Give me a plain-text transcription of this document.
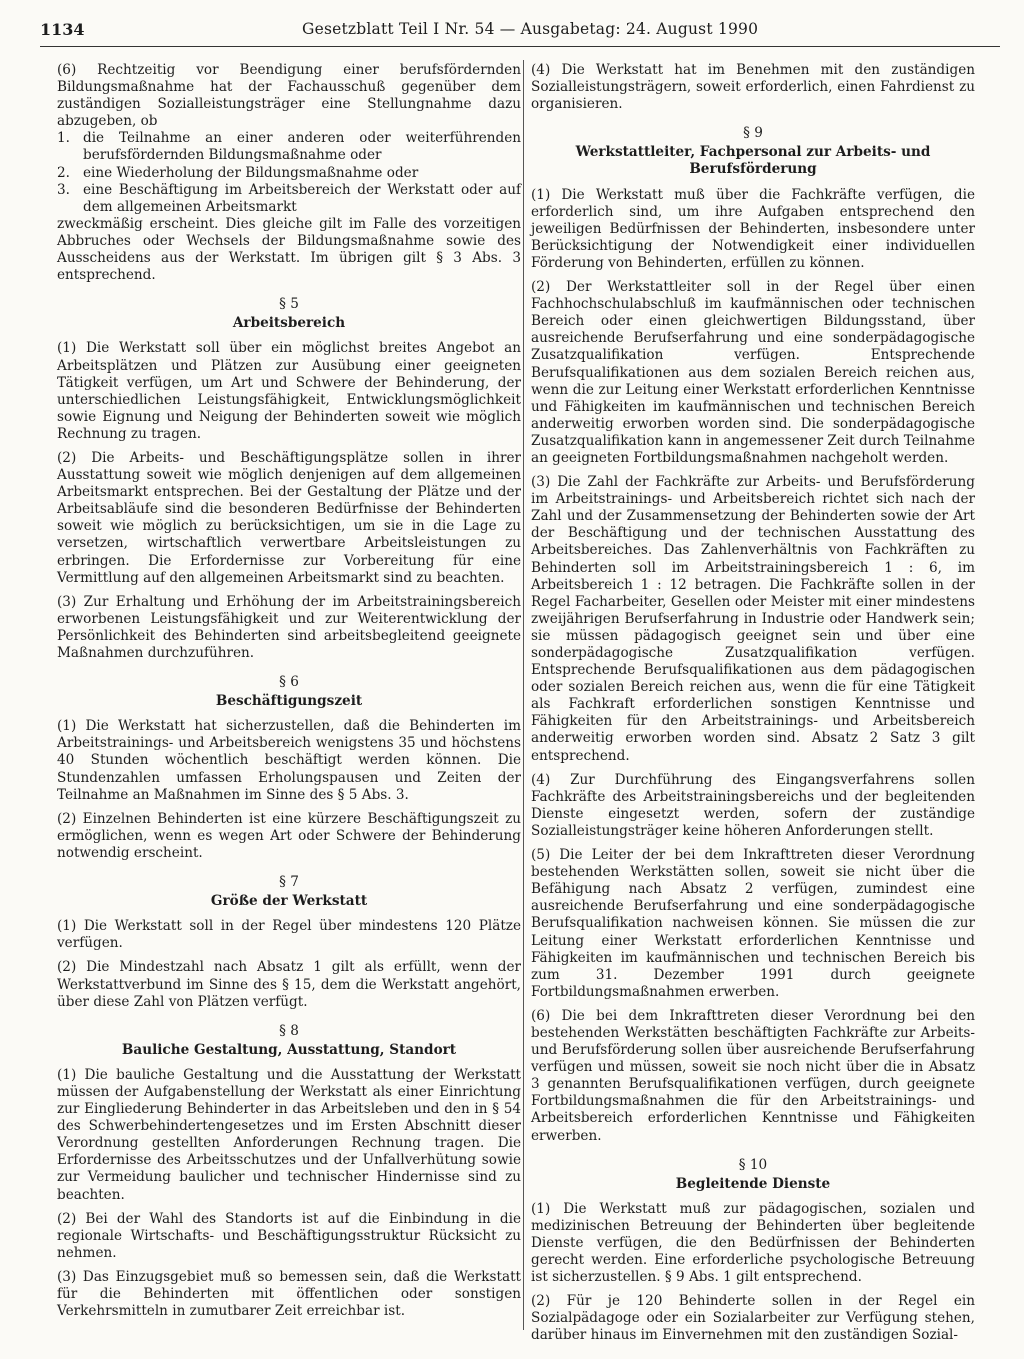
1134	Gesetzblatt Teil I Nr. 54 — Ausgabetag: 24. August 1990

(6) Rechtzeitig vor Beendigung einer berufsfördernden Bildungsmaßnahme hat der Fachausschuß gegenüber dem zuständigen Sozialleistungsträger eine Stellungnahme dazu abzugeben, ob

1. die Teilnahme an einer anderen oder weiterführenden berufsfördernden Bildungsmaßnahme oder
2. eine Wiederholung der Bildungsmaßnahme oder
3. eine Beschäftigung im Arbeitsbereich der Werkstatt oder auf dem allgemeinen Arbeitsmarkt

zweckmäßig erscheint. Dies gleiche gilt im Falle des vorzeitigen Abbruches oder Wechsels der Bildungsmaßnahme sowie des Ausscheidens aus der Werkstatt. Im übrigen gilt § 3 Abs. 3 entsprechend.

§ 5
Arbeitsbereich

(1) Die Werkstatt soll über ein möglichst breites Angebot an Arbeitsplätzen und Plätzen zur Ausübung einer geeigneten Tätigkeit verfügen, um Art und Schwere der Behinderung, der unterschiedlichen Leistungsfähigkeit, Entwicklungsmöglichkeit sowie Eignung und Neigung der Behinderten soweit wie möglich Rechnung zu tragen.

(2) Die Arbeits- und Beschäftigungsplätze sollen in ihrer Ausstattung soweit wie möglich denjenigen auf dem allgemeinen Arbeitsmarkt entsprechen. Bei der Gestaltung der Plätze und der Arbeitsabläufe sind die besonderen Bedürfnisse der Behinderten soweit wie möglich zu berücksichtigen, um sie in die Lage zu versetzen, wirtschaftlich verwertbare Arbeitsleistungen zu erbringen. Die Erfordernisse zur Vorbereitung für eine Vermittlung auf den allgemeinen Arbeitsmarkt sind zu beachten.

(3) Zur Erhaltung und Erhöhung der im Arbeitstrainingsbereich erworbenen Leistungsfähigkeit und zur Weiterentwicklung der Persönlichkeit des Behinderten sind arbeitsbegleitend geeignete Maßnahmen durchzuführen.

§ 6
Beschäftigungszeit

(1) Die Werkstatt hat sicherzustellen, daß die Behinderten im Arbeitstrainings- und Arbeitsbereich wenigstens 35 und höchstens 40 Stunden wöchentlich beschäftigt werden können. Die Stundenzahlen umfassen Erholungspausen und Zeiten der Teilnahme an Maßnahmen im Sinne des § 5 Abs. 3.

(2) Einzelnen Behinderten ist eine kürzere Beschäftigungszeit zu ermöglichen, wenn es wegen Art oder Schwere der Behinderung notwendig erscheint.

§ 7
Größe der Werkstatt

(1) Die Werkstatt soll in der Regel über mindestens 120 Plätze verfügen.

(2) Die Mindestzahl nach Absatz 1 gilt als erfüllt, wenn der Werkstattverbund im Sinne des § 15, dem die Werkstatt angehört, über diese Zahl von Plätzen verfügt.

§ 8
Bauliche Gestaltung, Ausstattung, Standort

(1) Die bauliche Gestaltung und die Ausstattung der Werkstatt müssen der Aufgabenstellung der Werkstatt als einer Einrichtung zur Eingliederung Behinderter in das Arbeitsleben und den in § 54 des Schwerbehindertengesetzes und im Ersten Abschnitt dieser Verordnung gestellten Anforderungen Rechnung tragen. Die Erfordernisse des Arbeitsschutzes und der Unfallverhütung sowie zur Vermeidung baulicher und technischer Hindernisse sind zu beachten.

(2) Bei der Wahl des Standorts ist auf die Einbindung in die regionale Wirtschafts- und Beschäftigungsstruktur Rücksicht zu nehmen.

(3) Das Einzugsgebiet muß so bemessen sein, daß die Werkstatt für die Behinderten mit öffentlichen oder sonstigen Verkehrsmitteln in zumutbarer Zeit erreichbar ist.

(4) Die Werkstatt hat im Benehmen mit den zuständigen Sozialleistungsträgern, soweit erforderlich, einen Fahrdienst zu organisieren.

§ 9
Werkstattleiter, Fachpersonal zur Arbeits- und Berufsförderung

(1) Die Werkstatt muß über die Fachkräfte verfügen, die erforderlich sind, um ihre Aufgaben entsprechend den jeweiligen Bedürfnissen der Behinderten, insbesondere unter Berücksichtigung der Notwendigkeit einer individuellen Förderung von Behinderten, erfüllen zu können.

(2) Der Werkstattleiter soll in der Regel über einen Fachhochschulabschluß im kaufmännischen oder technischen Bereich oder einen gleichwertigen Bildungsstand, über ausreichende Berufserfahrung und eine sonderpädagogische Zusatzqualifikation verfügen. Entsprechende Berufsqualifikationen aus dem sozialen Bereich reichen aus, wenn die zur Leitung einer Werkstatt erforderlichen Kenntnisse und Fähigkeiten im kaufmännischen und technischen Bereich anderweitig erworben worden sind. Die sonderpädagogische Zusatzqualifikation kann in angemessener Zeit durch Teilnahme an geeigneten Fortbildungsmaßnahmen nachgeholt werden.

(3) Die Zahl der Fachkräfte zur Arbeits- und Berufsförderung im Arbeitstrainings- und Arbeitsbereich richtet sich nach der Zahl und der Zusammensetzung der Behinderten sowie der Art der Beschäftigung und der technischen Ausstattung des Arbeitsbereiches. Das Zahlenverhältnis von Fachkräften zu Behinderten soll im Arbeitstrainingsbereich 1 : 6, im Arbeitsbereich 1 : 12 betragen. Die Fachkräfte sollen in der Regel Facharbeiter, Gesellen oder Meister mit einer mindestens zweijährigen Berufserfahrung in Industrie oder Handwerk sein; sie müssen pädagogisch geeignet sein und über eine sonderpädagogische Zusatzqualifikation verfügen. Entsprechende Berufsqualifikationen aus dem pädagogischen oder sozialen Bereich reichen aus, wenn die für eine Tätigkeit als Fachkraft erforderlichen sonstigen Kenntnisse und Fähigkeiten für den Arbeitstrainings- und Arbeitsbereich anderweitig erworben worden sind. Absatz 2 Satz 3 gilt entsprechend.

(4) Zur Durchführung des Eingangsverfahrens sollen Fachkräfte des Arbeitstrainingsbereichs und der begleitenden Dienste eingesetzt werden, sofern der zuständige Sozialleistungsträger keine höheren Anforderungen stellt.

(5) Die Leiter der bei dem Inkrafttreten dieser Verordnung bestehenden Werkstätten sollen, soweit sie nicht über die Befähigung nach Absatz 2 verfügen, zumindest eine ausreichende Berufserfahrung und eine sonderpädagogische Berufsqualifikation nachweisen können. Sie müssen die zur Leitung einer Werkstatt erforderlichen Kenntnisse und Fähigkeiten im kaufmännischen und technischen Bereich bis zum 31. Dezember 1991 durch geeignete Fortbildungsmaßnahmen erwerben.

(6) Die bei dem Inkrafttreten dieser Verordnung bei den bestehenden Werkstätten beschäftigten Fachkräfte zur Arbeits- und Berufsförderung sollen über ausreichende Berufserfahrung verfügen und müssen, soweit sie noch nicht über die in Absatz 3 genannten Berufsqualifikationen verfügen, durch geeignete Fortbildungsmaßnahmen die für den Arbeitstrainings- und Arbeitsbereich erforderlichen Kenntnisse und Fähigkeiten erwerben.

§ 10
Begleitende Dienste

(1) Die Werkstatt muß zur pädagogischen, sozialen und medizinischen Betreuung der Behinderten über begleitende Dienste verfügen, die den Bedürfnissen der Behinderten gerecht werden. Eine erforderliche psychologische Betreuung ist sicherzustellen. § 9 Abs. 1 gilt entsprechend.

(2) Für je 120 Behinderte sollen in der Regel ein Sozialpädagoge oder ein Sozialarbeiter zur Verfügung stehen, darüber hinaus im Einvernehmen mit den zuständigen Sozial-
